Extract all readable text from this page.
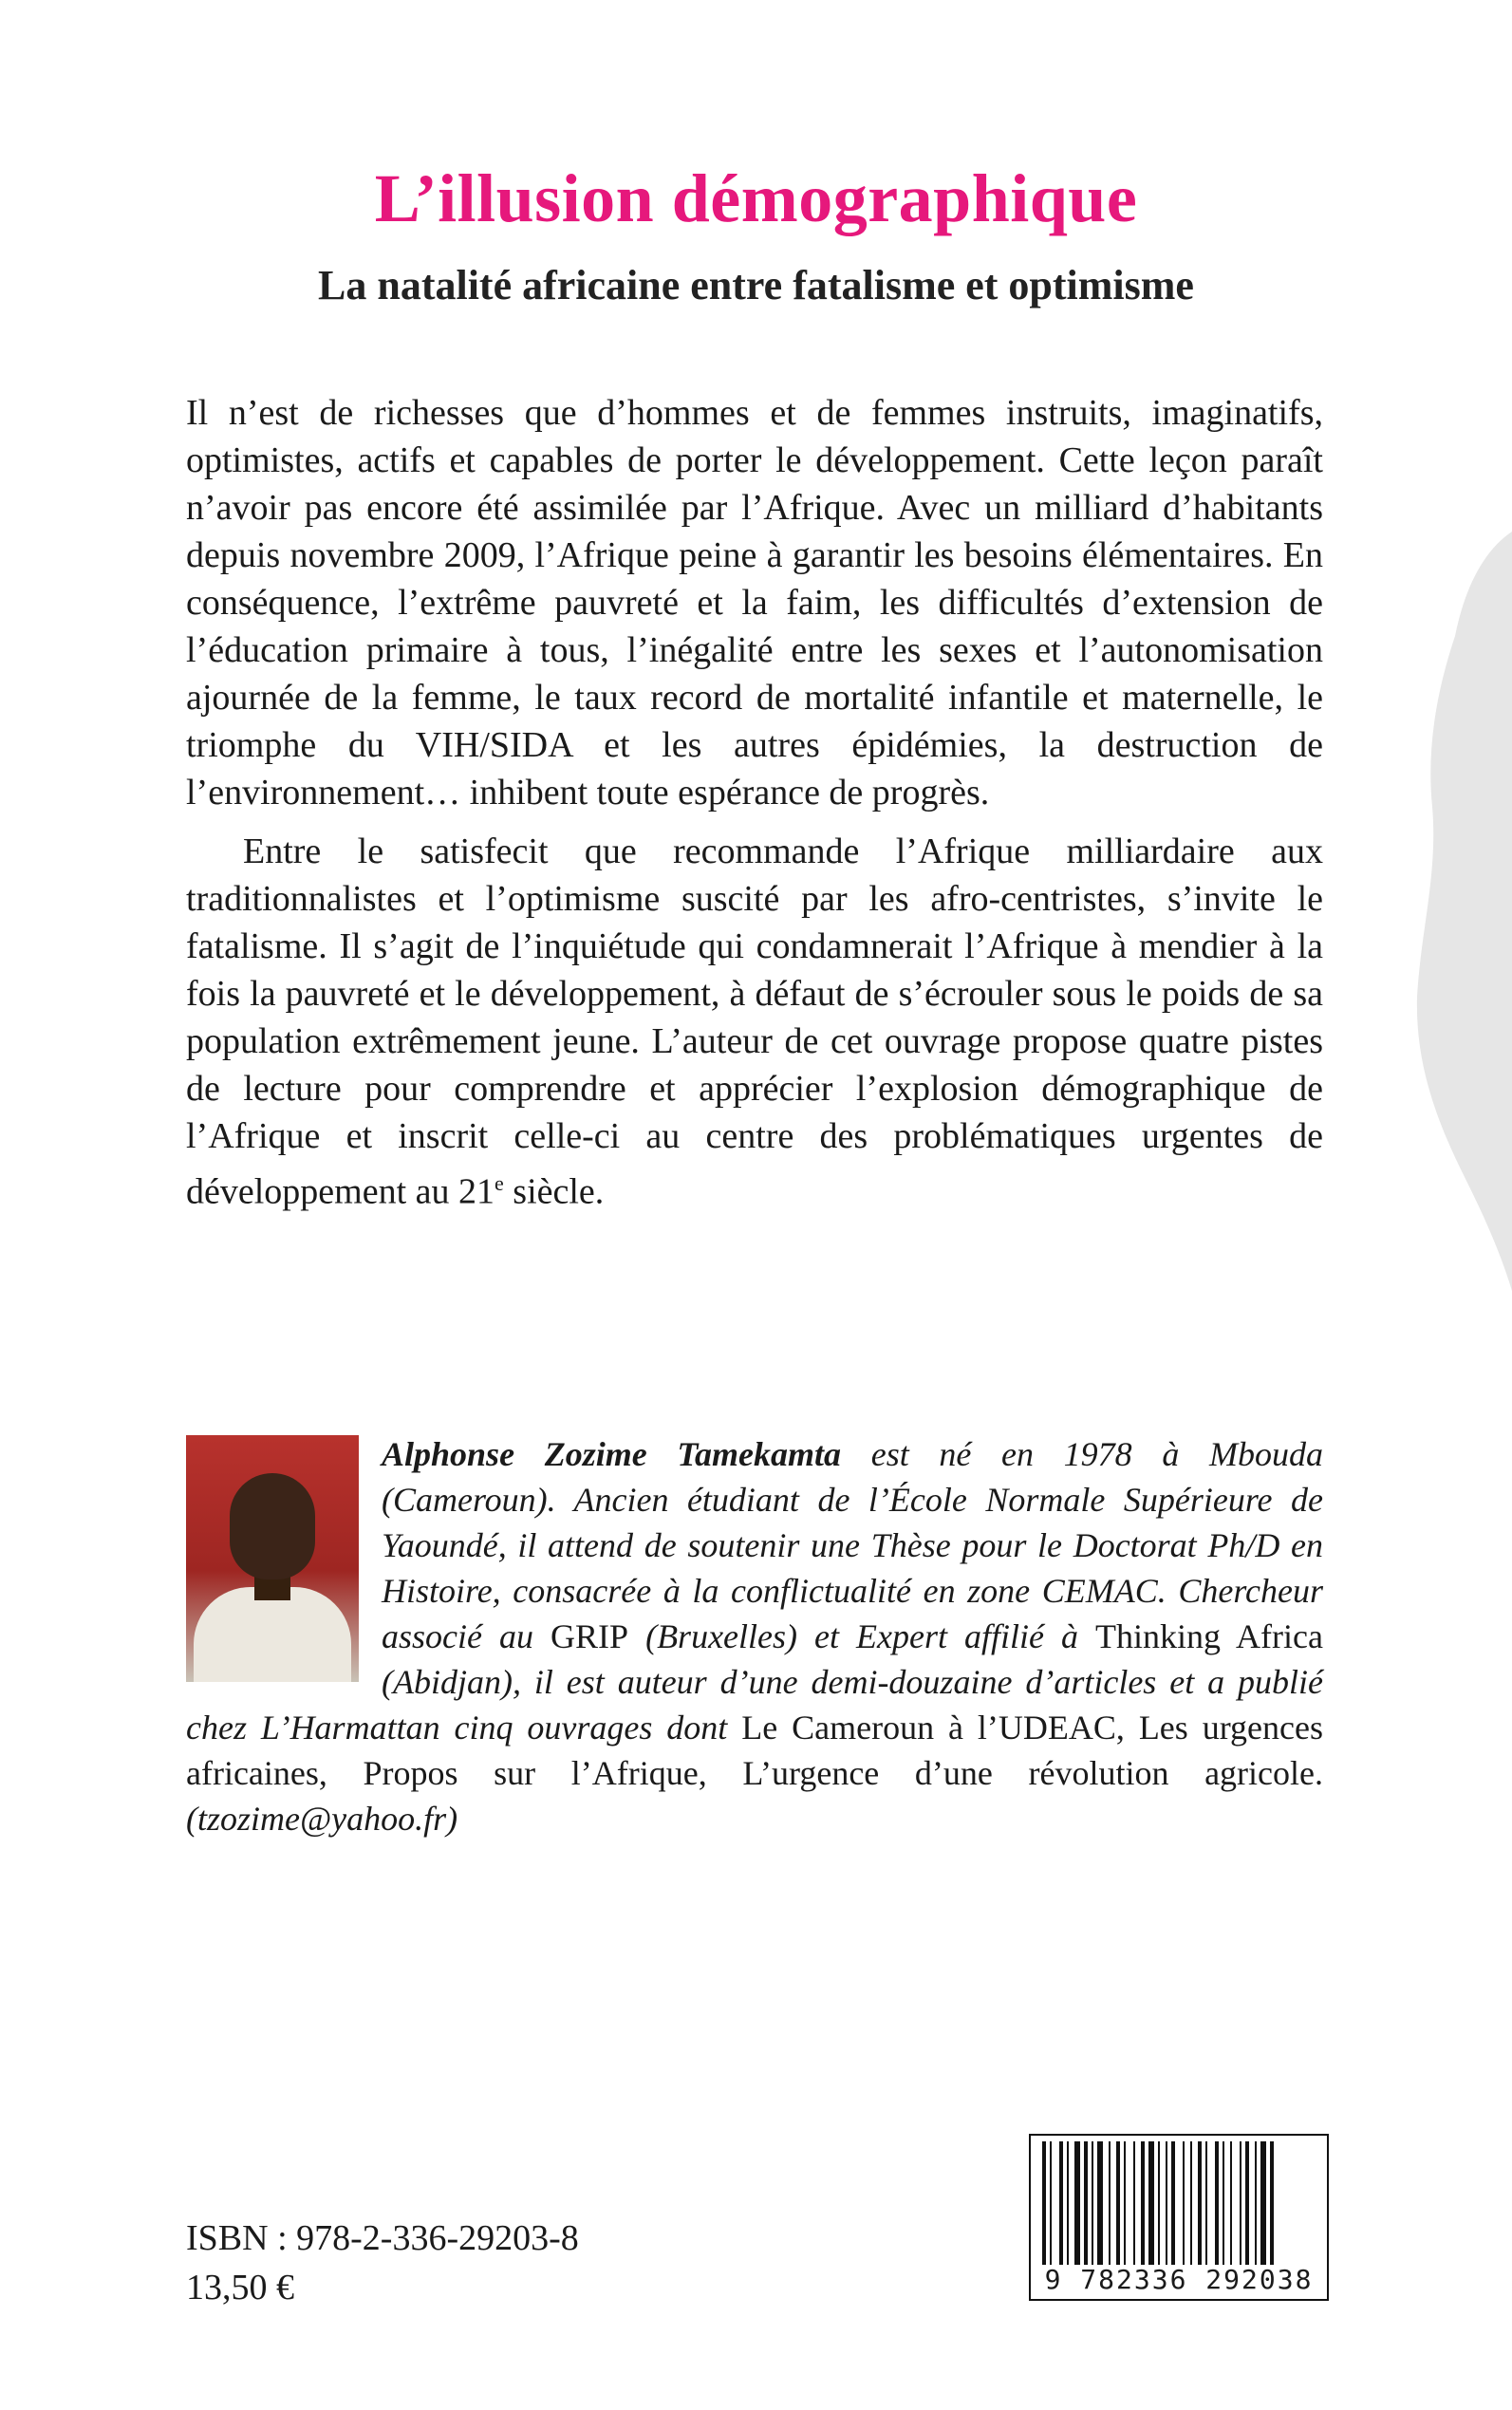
L’illusion démographique
La natalité africaine entre fatalisme et optimisme

Il n’est de richesses que d’hommes et de femmes instruits, imaginatifs, optimistes, actifs et capables de porter le développement. Cette leçon paraît n’avoir pas encore été assimilée par l’Afrique. Avec un milliard d’habitants depuis novembre 2009, l’Afrique peine à garantir les besoins élémentaires. En conséquence, l’extrême pauvreté et la faim, les difficultés d’extension de l’éducation primaire à tous, l’inégalité entre les sexes et l’autonomisation ajournée de la femme, le taux record de mortalité infantile et maternelle, le triomphe du VIH/SIDA et les autres épidémies, la destruction de l’environnement… inhibent toute espérance de progrès.

Entre le satisfecit que recommande l’Afrique milliardaire aux traditionnalistes et l’optimisme suscité par les afro-centristes, s’invite le fatalisme. Il s’agit de l’inquiétude qui condamnerait l’Afrique à mendier à la fois la pauvreté et le développement, à défaut de s’écrouler sous le poids de sa population extrêmement jeune. L’auteur de cet ouvrage propose quatre pistes de lecture pour comprendre et apprécier l’explosion démographique de l’Afrique et inscrit celle-ci au centre des problématiques urgentes de développement au 21e siècle.

Alphonse Zozime Tamekamta est né en 1978 à Mbouda (Cameroun). Ancien étudiant de l’École Normale Supérieure de Yaoundé, il attend de soutenir une Thèse pour le Doctorat Ph/D en Histoire, consacrée à la conflictualité en zone CEMAC. Chercheur associé au GRIP (Bruxelles) et Expert affilié à Thinking Africa (Abidjan), il est auteur d’une demi-douzaine d’articles et a publié chez L’Harmattan cinq ouvrages dont Le Cameroun à l’UDEAC, Les urgences africaines, Propos sur l’Afrique, L’urgence d’une révolution agricole. (tzozime@yahoo.fr)
ISBN : 978-2-336-29203-8
13,50 €	9 782336 292038
